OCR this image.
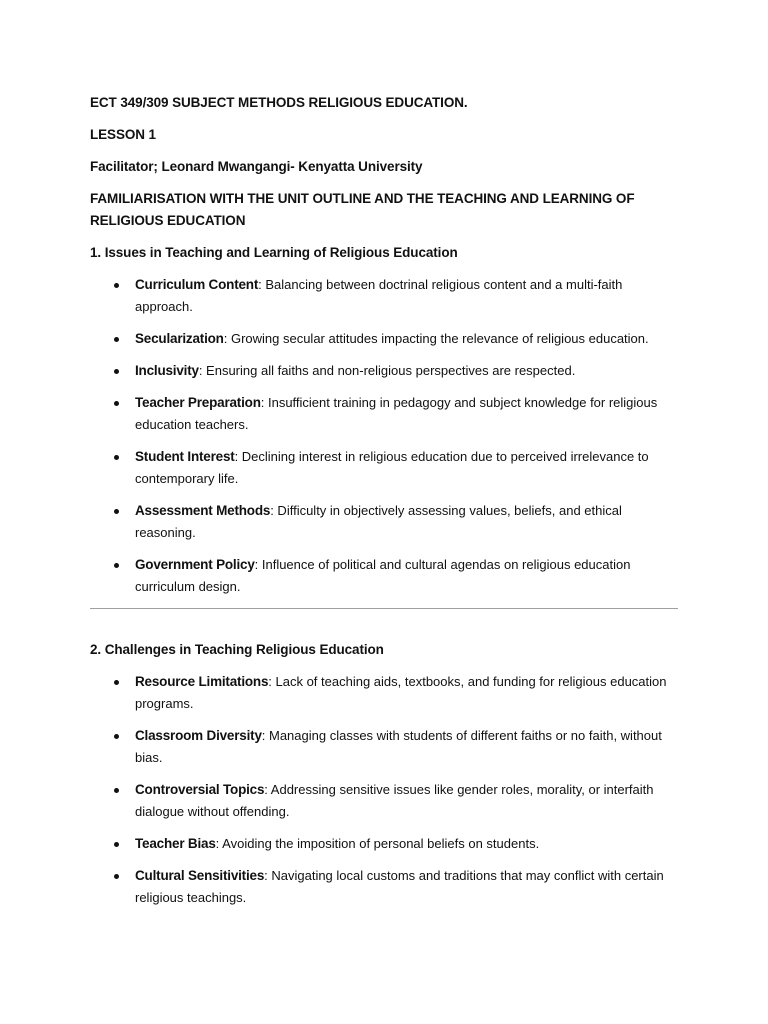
ECT 349/309 SUBJECT METHODS RELIGIOUS EDUCATION.

LESSON 1

Facilitator; Leonard Mwangangi- Kenyatta University

FAMILIARISATION WITH THE UNIT OUTLINE AND THE TEACHING AND LEARNING OF RELIGIOUS EDUCATION

1. Issues in Teaching and Learning of Religious Education

Curriculum Content: Balancing between doctrinal religious content and a multi-faith approach.
Secularization: Growing secular attitudes impacting the relevance of religious education.
Inclusivity: Ensuring all faiths and non-religious perspectives are respected.
Teacher Preparation: Insufficient training in pedagogy and subject knowledge for religious education teachers.
Student Interest: Declining interest in religious education due to perceived irrelevance to contemporary life.
Assessment Methods: Difficulty in objectively assessing values, beliefs, and ethical reasoning.
Government Policy: Influence of political and cultural agendas on religious education curriculum design.

2. Challenges in Teaching Religious Education

Resource Limitations: Lack of teaching aids, textbooks, and funding for religious education programs.
Classroom Diversity: Managing classes with students of different faiths or no faith, without bias.
Controversial Topics: Addressing sensitive issues like gender roles, morality, or interfaith dialogue without offending.
Teacher Bias: Avoiding the imposition of personal beliefs on students.
Cultural Sensitivities: Navigating local customs and traditions that may conflict with certain religious teachings.
